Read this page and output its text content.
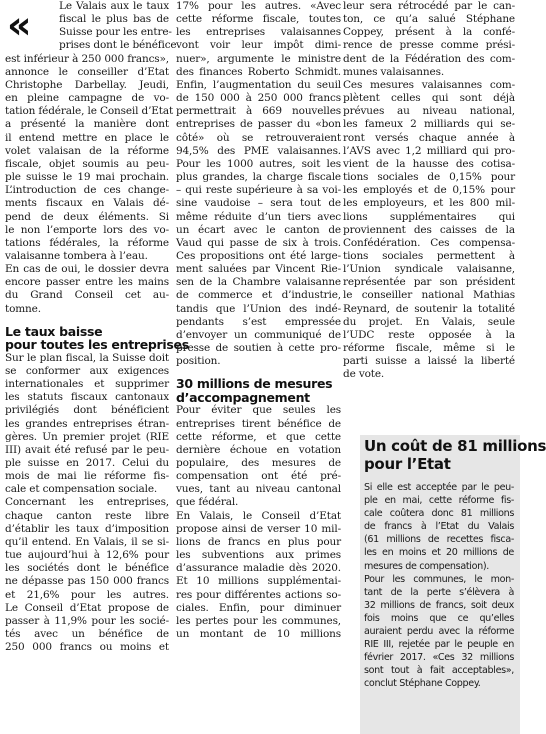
«	Le Valais aux le taux

fiscal le plus bas de

Suisse pour les entre-

prises dont le bénéfice

est inférieur à 250 000 francs»,

annonce le conseiller d’Etat

Christophe Darbellay. Jeudi,

en pleine campagne de vo-

tation fédérale, le Conseil d’Etat

a présenté la manière dont

il entend mettre en place le

volet valaisan de la réforme

fiscale, objet soumis au peu-

ple suisse le 19 mai prochain.

L’introduction de ces change-

ments fiscaux en Valais dé-

pend de deux éléments. Si

le non l’emporte lors des vo-

tations fédérales, la réforme

valaisanne tombera à l’eau.

En cas de oui, le dossier devra

encore passer entre les mains

du Grand Conseil cet au-

tomne.

Le taux baisse

pour toutes les entreprises

Sur le plan fiscal, la Suisse doit

se conformer aux exigences

internationales et supprimer

les statuts fiscaux cantonaux

privilégiés dont bénéficient

les grandes entreprises étran-

gères. Un premier projet (RIE

III) avait été refusé par le peu-

ple suisse en 2017. Celui du

mois de mai lie réforme fis-

cale et compensation sociale.

Concernant les entreprises,

chaque canton reste libre

d’établir les taux d’imposition

qu’il entend. En Valais, il se si-

tue aujourd’hui à 12,6% pour

les sociétés dont le bénéfice

ne dépasse pas 150 000 francs

et 21,6% pour les autres.

Le Conseil d’Etat propose de

passer à 11,9% pour les socié-

tés avec un bénéfice de

250 000 francs ou moins et

17% pour les autres. «Avec

cette réforme fiscale, toutes

les entreprises valaisannes

vont voir leur impôt dimi-

nuer», argumente le ministre

des finances Roberto Schmidt.

Enfin, l’augmentation du seuil

de 150 000 à 250 000 francs

permettrait à 669 nouvelles

entreprises de passer du «bon

côté» où se retrouveraient

94,5% des PME valaisannes.

Pour les 1000 autres, soit les

plus grandes, la charge fiscale

– qui reste supérieure à sa voi-

sine vaudoise – sera tout de

même réduite d’un tiers avec

un écart avec le canton de

Vaud qui passe de six à trois.

Ces propositions ont été large-

ment saluées par Vincent Rie-

sen de la Chambre valaisanne

de commerce et d’industrie,

tandis que l’Union des indé-

pendants s’est empressée

d’envoyer un communiqué de

presse de soutien à cette pro-

position.

30 millions de mesures

d’accompagnement

Pour éviter que seules les

entreprises tirent bénéfice de

cette réforme, et que cette

dernière échoue en votation

populaire, des mesures de

compensation ont été pré-

vues, tant au niveau cantonal

que fédéral.

En Valais, le Conseil d’Etat

propose ainsi de verser 10 mil-

lions de francs en plus pour

les subventions aux primes

d’assurance maladie dès 2020.

Et 10 millions supplémentai-

res pour différentes actions so-

ciales. Enfin, pour diminuer

les pertes pour les communes,

un montant de 10 millions

leur sera rétrocédé par le can-

ton, ce qu’a salué Stéphane

Coppey, présent à la confé-

rence de presse comme prési-

dent de la Fédération des com-

munes valaisannes.

Ces mesures valaisannes com-

plètent celles qui sont déjà

prévues au niveau national,

les fameux 2 milliards qui se-

ront versés chaque année à

l’AVS avec 1,2 milliard qui pro-

vient de la hausse des cotisa-

tions sociales de 0,15% pour

les employés et de 0,15% pour

les employeurs, et les 800 mil-

lions supplémentaires qui

proviennent des caisses de la

Confédération. Ces compensa-

tions sociales permettent à

l’Union syndicale valaisanne,

représentée par son président

le conseiller national Mathias

Reynard, de soutenir la totalité

du projet. En Valais, seule

l’UDC reste opposée à la

réforme fiscale, même si le

parti suisse a laissé la liberté

de vote.

Un coût de 81 millions

pour l’Etat

Si elle est acceptée par le peu-

ple en mai, cette réforme fis-

cale coûtera donc 81 millions

de francs à l’Etat du Valais

(61 millions de recettes fisca-

les en moins et 20 millions de

mesures de compensation).

Pour les communes, le mon-

tant de la perte s’élèvera à

32 millions de francs, soit deux

fois moins que ce qu’elles

auraient perdu avec la réforme

RIE III, rejetée par le peuple en

février 2017. «Ces 32 millions

sont tout à fait acceptables»,

conclut Stéphane Coppey.
